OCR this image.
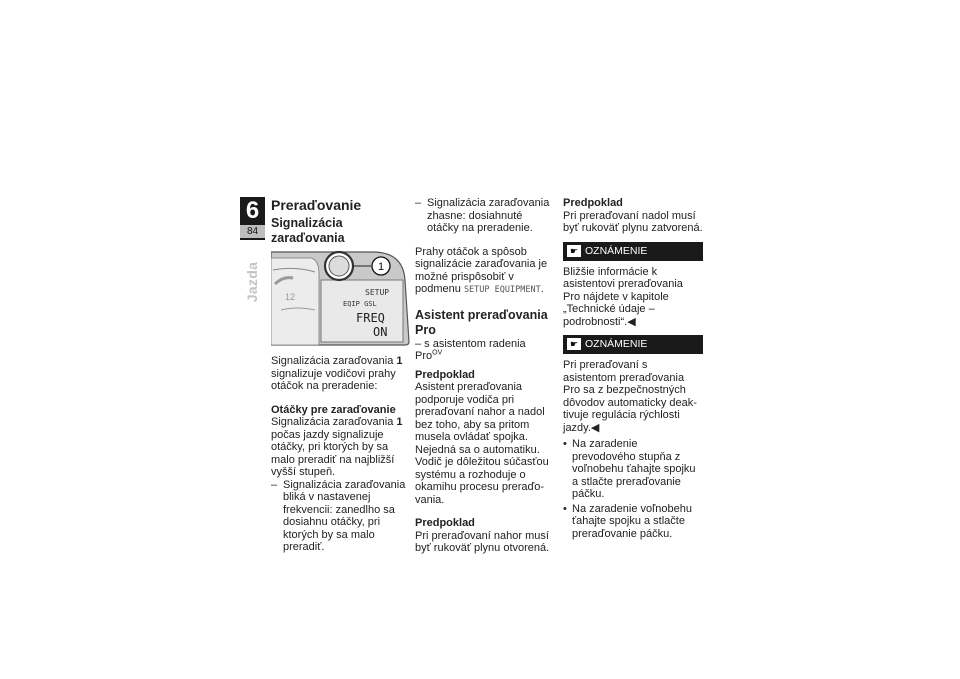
6
84
Jazda
Preraďovanie
Signalizácia zaraďovania
12
1
SETUP
EQIP GSL
FREQ
ON

Signalizácia zaraďovania 1 signalizuje vodičovi prahy otáčok na preradenie:

Otáčky pre zaraďovanie

Signalizácia zaraďovania 1 počas jazdy signalizuje otáčky, pri ktorých by sa malo preradiť na najbližší vyšší stupeň.

– Signalizácia zaraďovania bliká v nastavenej frekvencii: zanedlho sa dosiahnu otáčky, pri ktorých by sa malo preradiť.
– Signalizácia zaraďovania zhasne: dosiahnuté otáčky na preradenie.

Prahy otáčok a spôsob signalizácie zaraďovania je možné prispôsobiť v podmenu SETUP EQUIPMENT.

Asistent preraďovania Pro

– s asistentom radenia Pro$^{OV}$

Predpoklad

Asistent preraďovania podporuje vodiča pri preraďovaní nahor a nadol bez toho, aby sa pritom musela ovládať spojka. Nejedná sa o automatiku. Vodič je dôležitou súčasťou systému a rozhoduje o okamihu procesu preraďovania.

Predpoklad

Pri preraďovaní nahor musí byť rukoväť plynu otvorená.

Predpoklad

Pri preraďovaní nadol musí byť rukoväť plynu zatvorená.

☛ OZNÁMENIE

Bližšie informácie k asistentovi preraďovania Pro nájdete v kapitole „Technické údaje – podrobnosti“.◀

☛ OZNÁMENIE

Pri preraďovaní s asistentom preraďovania Pro sa z bezpečnostných dôvodov automaticky deaktivuje regulácia rýchlosti jazdy.◀

• Na zaradenie prevodového stupňa z voľnobehu ťahajte spojku a stlačte preraďovanie páčku.
• Na zaradenie voľnobehu ťahajte spojku a stlačte preraďovanie páčku.
